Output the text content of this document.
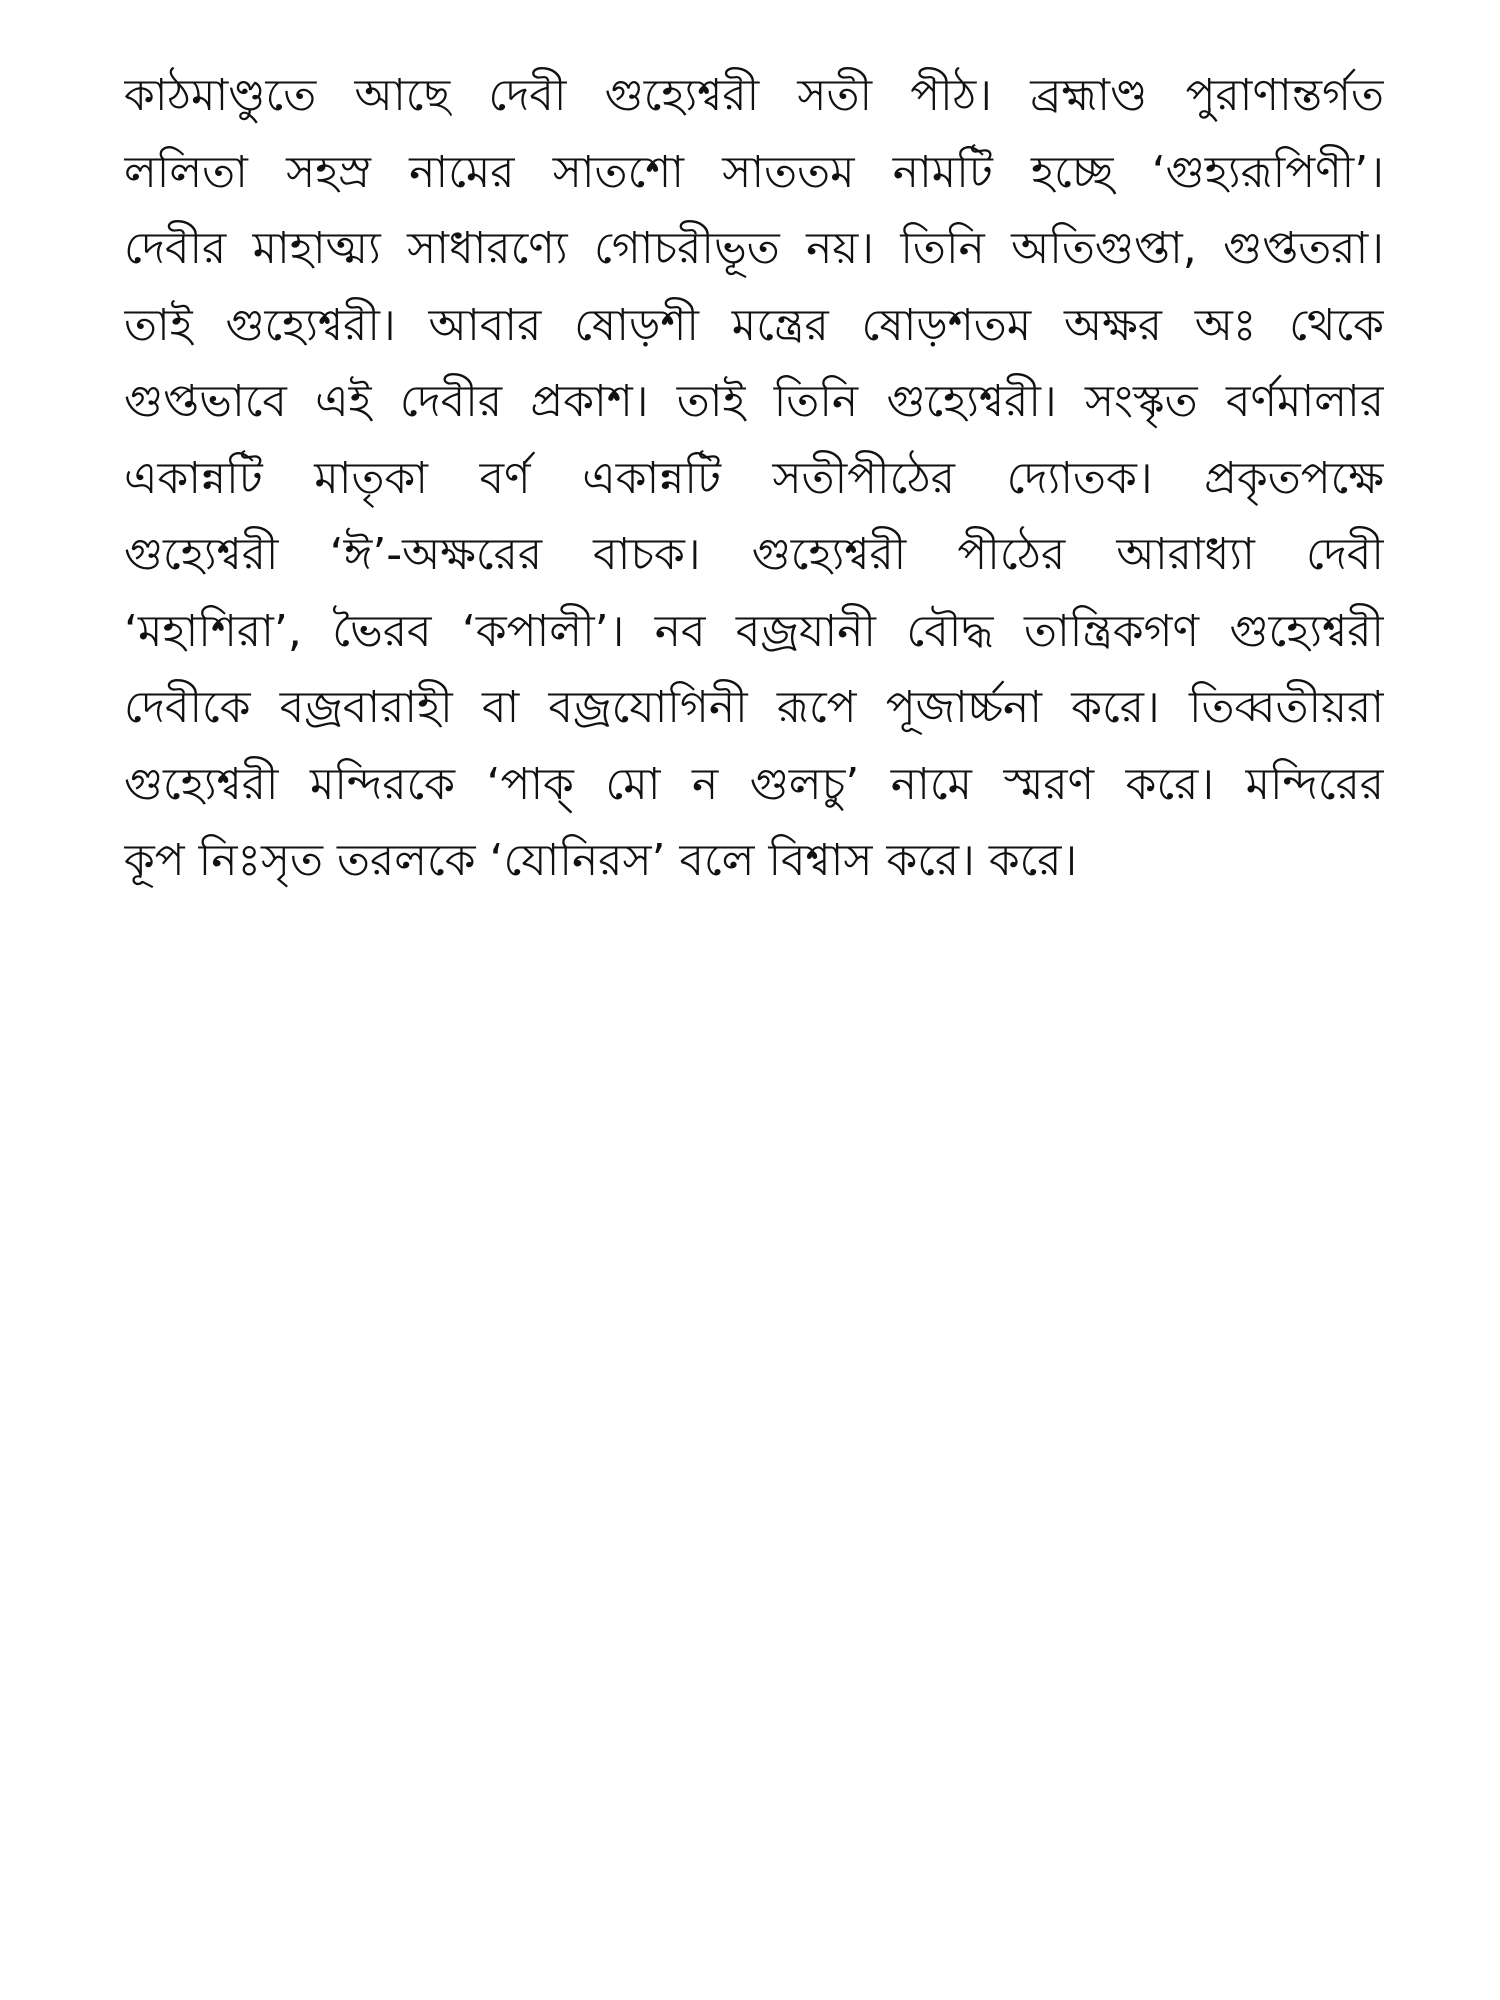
কাঠমাণ্ডুতে আছে দেবী গুহ্যেশ্বরী সতী পীঠ। ব্রহ্মাণ্ড পুরাণান্তর্গত
ললিতা সহস্র নামের সাতশো সাততম নামটি হচ্ছে ‘গুহ্যরূপিণী’।
দেবীর মাহাত্ম্য সাধারণ্যে গোচরীভূত নয়। তিনি অতিগুপ্তা, গুপ্ততরা।
তাই গুহ্যেশ্বরী। আবার ষোড়শী মন্ত্রের ষোড়শতম অক্ষর অঃ থেকে
গুপ্তভাবে এই দেবীর প্রকাশ। তাই তিনি গুহ্যেশ্বরী। সংস্কৃত বর্ণমালার
একান্নটি মাতৃকা বর্ণ একান্নটি সতীপীঠের দ্যোতক। প্রকৃতপক্ষে
গুহ্যেশ্বরী ‘ঈ’-অক্ষরের বাচক। গুহ্যেশ্বরী পীঠের আরাধ্যা দেবী
‘মহাশিরা’, ভৈরব ‘কপালী’। নব বজ্রযানী বৌদ্ধ তান্ত্রিকগণ গুহ্যেশ্বরী
দেবীকে বজ্রবারাহী বা বজ্রযোগিনী রূপে পূজার্চ্চনা করে। তিব্বতীয়রা
গুহ্যেশ্বরী মন্দিরকে ‘পাক্ মো ন গুলচু’ নামে স্মরণ করে। মন্দিরের
কূপ নিঃসৃত তরলকে ‘যোনিরস’ বলে বিশ্বাস করে। করে।
